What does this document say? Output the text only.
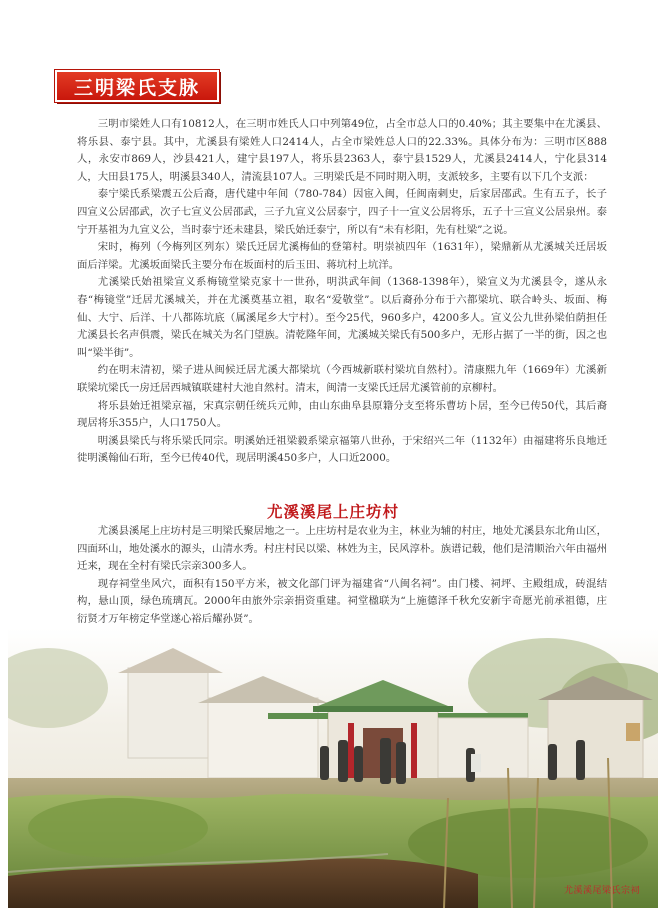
三明梁氏支脉

三明市梁姓人口有10812人，在三明市姓氏人口中列第49位，占全市总人口的0.40%；其主要集中在尤溪县、将乐县、泰宁县。其中，尤溪县有梁姓人口2414人，占全市梁姓总人口的22.33%。具体分布为：三明市区888人，永安市869人，沙县421人，建宁县197人，将乐县2363人，泰宁县1529人，尤溪县2414人，宁化县314人，大田县175人，明溪县340人，清流县107人。三明梁氏是不同时期入明，支派较多，主要有以下几个支派：

泰宁梁氏系梁震五公后裔，唐代建中年间（780-784）因宦入闽，任闽南剌史，后家居邵武。生有五子，长子四宣义公居邵武，次子七宣义公居邵武，三子九宣义公居泰宁，四子十一宣义公居将乐，五子十三宣义公居泉州。泰宁开基祖为九宣义公，当时泰宁还未建县，梁氏始迁泰宁，所以有“未有杉阳，先有杜梁”之说。

宋时，梅列（今梅列区列东）梁氏迁居尤溪梅仙的登第村。明崇祯四年（1631年），梁鼎新从尤溪城关迁居坂面后洋梁。尤溪坂面梁氏主要分布在坂面村的后玉田、蒋坑村上坑洋。

尤溪梁氏始祖梁宣义系梅镜堂梁克家十一世孙，明洪武年间（1368-1398年），梁宣义为尤溪县令，遂从永春“梅镜堂”迁居尤溪城关，并在尤溪奠基立祖，取名“爱敬堂”。以后裔孙分布于六都梁坑、联合岭头、坂面、梅仙、大宁、后洋、十八都陈坑底（属溪尾乡大宁村）。至今25代，960多户，4200多人。宣义公九世孙梁伯荫担任尤溪县长名声俱震，梁氏在城关为名门望族。清乾隆年间，尤溪城关梁氏有500多户，无形占据了一半的街，因之也叫“梁半街”。

约在明末清初，梁子进从闽候迁居尤溪大都梁坑（今西城新联村梁坑自然村）。清康熙九年（1669年）尤溪新联梁坑梁氏一房迁居西城镇联建村大池自然村。清末，闽清一支梁氏迁居尤溪管前的京柳村。

将乐县始迁祖梁京福，宋真宗朝任统兵元帅，由山东曲阜县原籍分支至将乐曹坊卜居，至今已传50代，其后裔现居将乐355户，人口1750人。

明溪县梁氏与将乐梁氏同宗。明溪始迁祖梁毅系梁京福第八世孙，于宋绍兴二年（1132年）由福建将乐良地迁徙明溪翰仙石珩，至今已传40代，现居明溪450多户，人口近2000。

尤溪溪尾上庄坊村

尤溪县溪尾上庄坊村是三明梁氏聚居地之一。上庄坊村是农业为主，林业为辅的村庄，地处尤溪县东北角山区，四面环山，地处溪水的源头，山清水秀。村庄村民以梁、林姓为主，民风淳朴。族谱记载，他们是清顺治六年由福州迁来，现在全村有梁氏宗亲300多人。

现存祠堂坐风穴，面积有150平方米，被文化部门评为福建省“八闽名祠”。由门楼、祠坪、主殿组成，砖混结构，悬山顶，绿色琉璃瓦。2000年由旅外宗亲捐资重建。祠堂楹联为“上施德泽千秋允安新宇奇愿光前承祖德，庄衍贤才万年榜定华堂遂心裕后耀孙贤”。

尤溪溪尾梁氏宗祠
